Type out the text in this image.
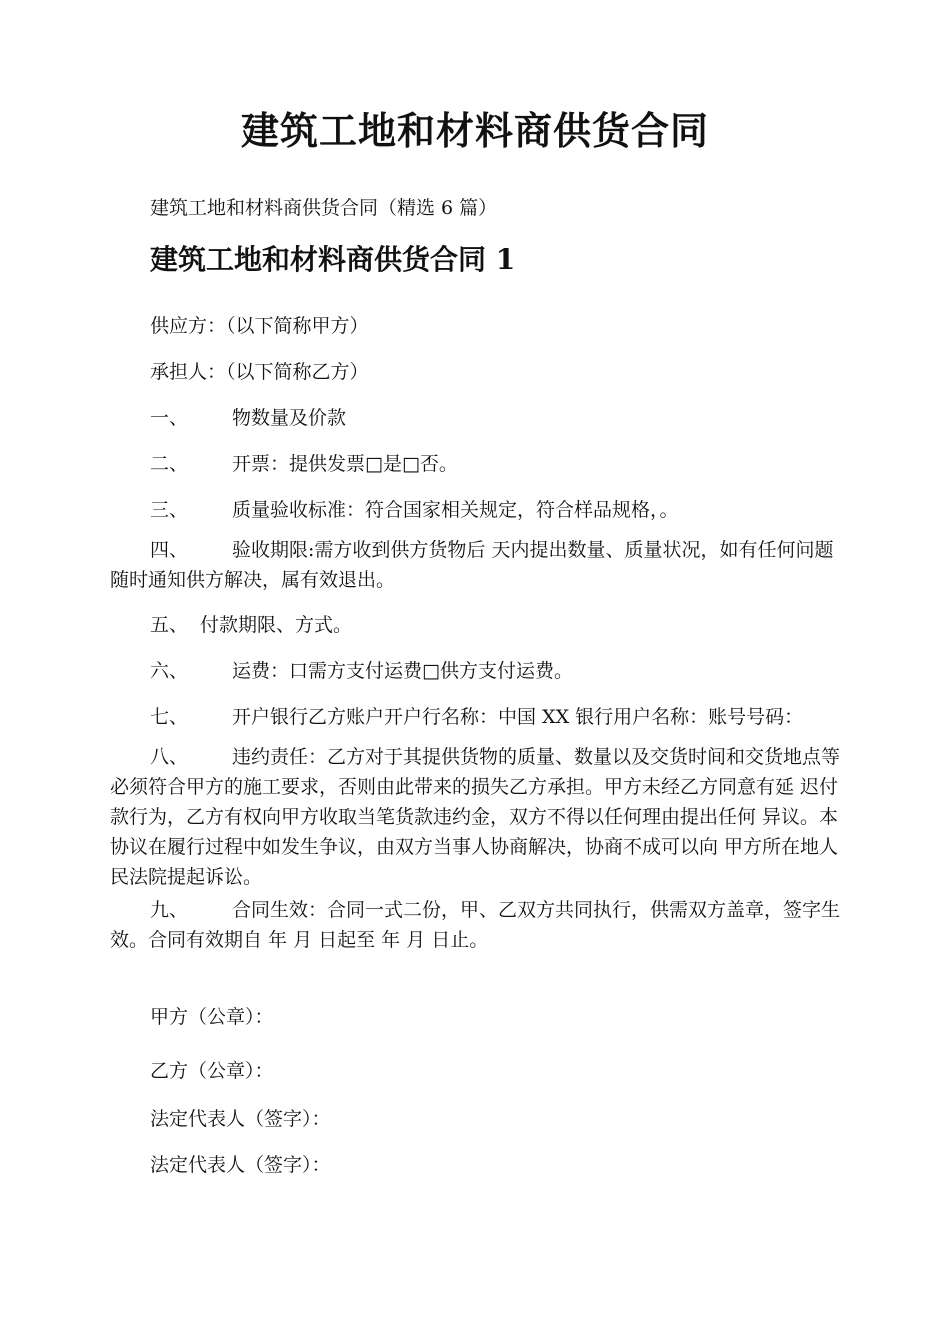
建筑工地和材料商供货合同
建筑工地和材料商供货合同（精选 6 篇）
建筑工地和材料商供货合同 1
供应方：（以下简称甲方）
承担人：（以下简称乙方）
一、 物数量及价款
二、 开票：提供发票□是□否。
三、 质量验收标准：符合国家相关规定，符合样品规格，。
四、 验收期限:需方收到供方货物后 天内提出数量、质量状况，如有任何问题随时通知供方解决，属有效退出。
五、 付款期限、方式。
六、 运费：口需方支付运费□供方支付运费。
七、 开户银行乙方账户开户行名称：中国 XX 银行用户名称：账号号码：
八、 违约责任：乙方对于其提供货物的质量、数量以及交货时间和交货地点等 必须符合甲方的施工要求，否则由此带来的损失乙方承担。甲方未经乙方同意有延 迟付款行为，乙方有权向甲方收取当笔货款违约金，双方不得以任何理由提出任何 异议。本协议在履行过程中如发生争议，由双方当事人协商解决，协商不成可以向 甲方所在地人民法院提起诉讼。
九、 合同生效：合同一式二份，甲、乙双方共同执行，供需双方盖章，签字生
效。合同有效期自 年 月 日起至 年 月 日止。
甲方（公章）：
乙方（公章）：
法定代表人（签字）：
法定代表人（签字）：
